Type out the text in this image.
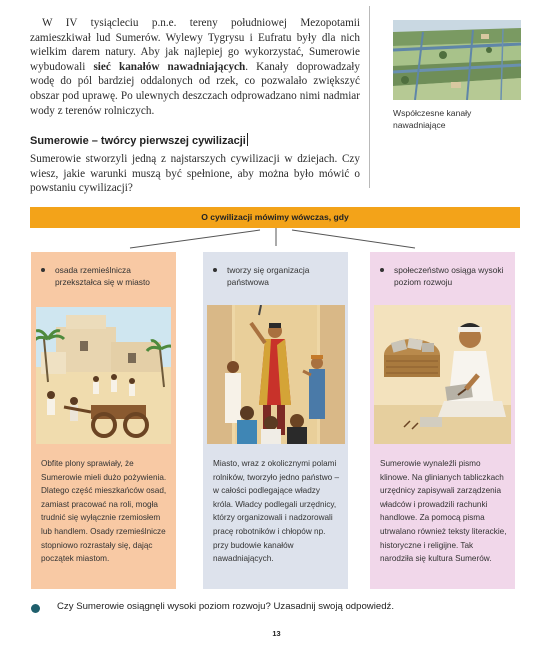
W IV tysiącleciu p.n.e. tereny południowej Mezopotamii zamieszkiwał lud Sumerów. Wylewy Tygrysu i Eufratu były dla nich wielkim darem natury. Aby jak najlepiej go wykorzystać, Sumerowie wybudowali sieć kanałów nawadniających. Kanały doprowadzały wodę do pól bardziej oddalonych od rzek, co pozwalało zwiększyć obszar pod uprawę. Po ulewnych deszczach odprowadzano nimi nadmiar wody z terenów rolniczych.	Współczesne kanały nawadniające
Sumerowie – twórcy pierwszej cywilizacji
Sumerowie stworzyli jedną z najstarszych cywilizacji w dziejach. Czy wiesz, jakie warunki muszą być spełnione, aby można było mówić o powstaniu cywilizacji?
O cywilizacji mówimy wówczas, gdy
osada rzemieślnicza przekształca się w miasto
Obfite plony sprawiały, że Sumerowie mieli dużo pożywienia. Dlatego część mieszkańców osad, zamiast pracować na roli, mogła trudnić się wyłącznie rzemiosłem lub handlem. Osady rzemieślnicze stopniowo rozrastały się, dając początek miastom.
tworzy się organizacja państwowa
Miasto, wraz z okolicznymi polami rolników, tworzyło jedno państwo – w całości podlegające władzy króla. Władcy podlegali urzędnicy, którzy organizowali i nadzorowali pracę robotników i chłopów np. przy budowie kanałów nawadniających.
społeczeństwo osiąga wysoki poziom rozwoju
Sumerowie wynaleźli pismo klinowe. Na glinianych tabliczkach urzędnicy zapisywali zarządzenia władców i prowadzili rachunki handlowe. Za pomocą pisma utrwalano również teksty literackie, historyczne i religijne. Tak narodziła się kultura Sumerów.
Czy Sumerowie osiągnęli wysoki poziom rozwoju? Uzasadnij swoją odpowiedź.
13
